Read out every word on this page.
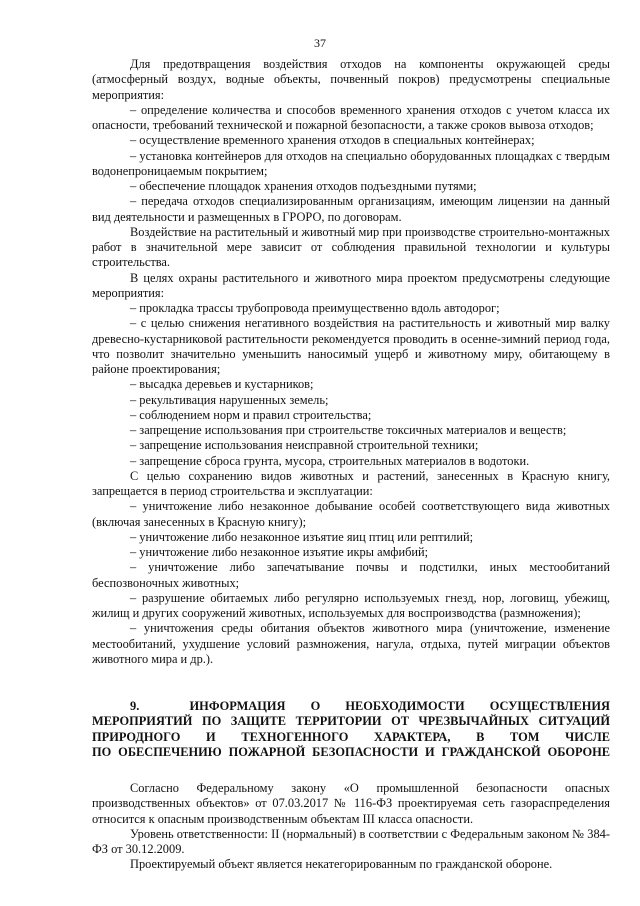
37

Для предотвращения воздействия отходов на компоненты окружающей среды (атмосферный воздух, водные объекты, почвенный покров) предусмотрены специальные мероприятия:

– определение количества и способов временного хранения отходов с учетом класса их опасности, требований технической и пожарной безопасности, а также сроков вывоза отходов;

– осуществление временного хранения отходов в специальных контейнерах;

– установка контейнеров для отходов на специально оборудованных площадках с твердым водонепроницаемым покрытием;

– обеспечение площадок хранения отходов подъездными путями;

– передача отходов специализированным организациям, имеющим лицензии на данный вид деятельности и размещенных в ГРОРО, по договорам.

Воздействие на растительный и животный мир при производстве строительно-монтажных работ в значительной мере зависит от соблюдения правильной технологии и культуры строительства.

В целях охраны растительного и животного мира проектом предусмотрены следующие мероприятия:

– прокладка трассы трубопровода преимущественно вдоль автодорог;

– с целью снижения негативного воздействия на растительность и животный мир валку древесно-кустарниковой растительности рекомендуется проводить в осенне-зимний период года, что позволит значительно уменьшить наносимый ущерб и животному миру, обитающему в районе проектирования;

– высадка деревьев и кустарников;

– рекультивация нарушенных земель;

– соблюдением норм и правил строительства;

– запрещение использования при строительстве токсичных материалов и веществ;

– запрещение использования неисправной строительной техники;

– запрещение сброса грунта, мусора, строительных материалов в водотоки.

С целью сохранению видов животных и растений, занесенных в Красную книгу, запрещается в период строительства и эксплуатации:

– уничтожение либо незаконное добывание особей соответствующего вида животных (включая занесенных в Красную книгу);

– уничтожение либо незаконное изъятие яиц птиц или рептилий;

– уничтожение либо незаконное изъятие икры амфибий;

– уничтожение либо запечатывание почвы и подстилки, иных местообитаний беспозвоночных животных;

– разрушение обитаемых либо регулярно используемых гнезд, нор, логовищ, убежищ, жилищ и других сооружений животных, используемых для воспроизводства (размножения);

– уничтожения среды обитания объектов животного мира (уничтожение, изменение местообитаний, ухудшение условий размножения, нагула, отдыха, путей миграции объектов животного мира и др.).

9.        ИНФОРМАЦИЯ    О    НЕОБХОДИМОСТИ    ОСУЩЕСТВЛЕНИЯ
МЕРОПРИЯТИЙ ПО ЗАЩИТЕ ТЕРРИТОРИИ ОТ ЧРЕЗВЫЧАЙНЫХ СИТУАЦИЙ
ПРИРОДНОГО    И    ТЕХНОГЕННОГО    ХАРАКТЕРА,    В    ТОМ    ЧИСЛЕ
ПО ОБЕСПЕЧЕНИЮ ПОЖАРНОЙ БЕЗОПАСНОСТИ И ГРАЖДАНСКОЙ ОБОРОНЕ

Согласно Федеральному закону «О промышленной безопасности опасных производственных объектов» от 07.03.2017 № 116-ФЗ проектируемая сеть газораспределения относится к опасным производственным объектам III класса опасности.

Уровень ответственности: II (нормальный) в соответствии с Федеральным законом № 384-ФЗ от 30.12.2009.

Проектируемый объект является некатегорированным по гражданской обороне.
